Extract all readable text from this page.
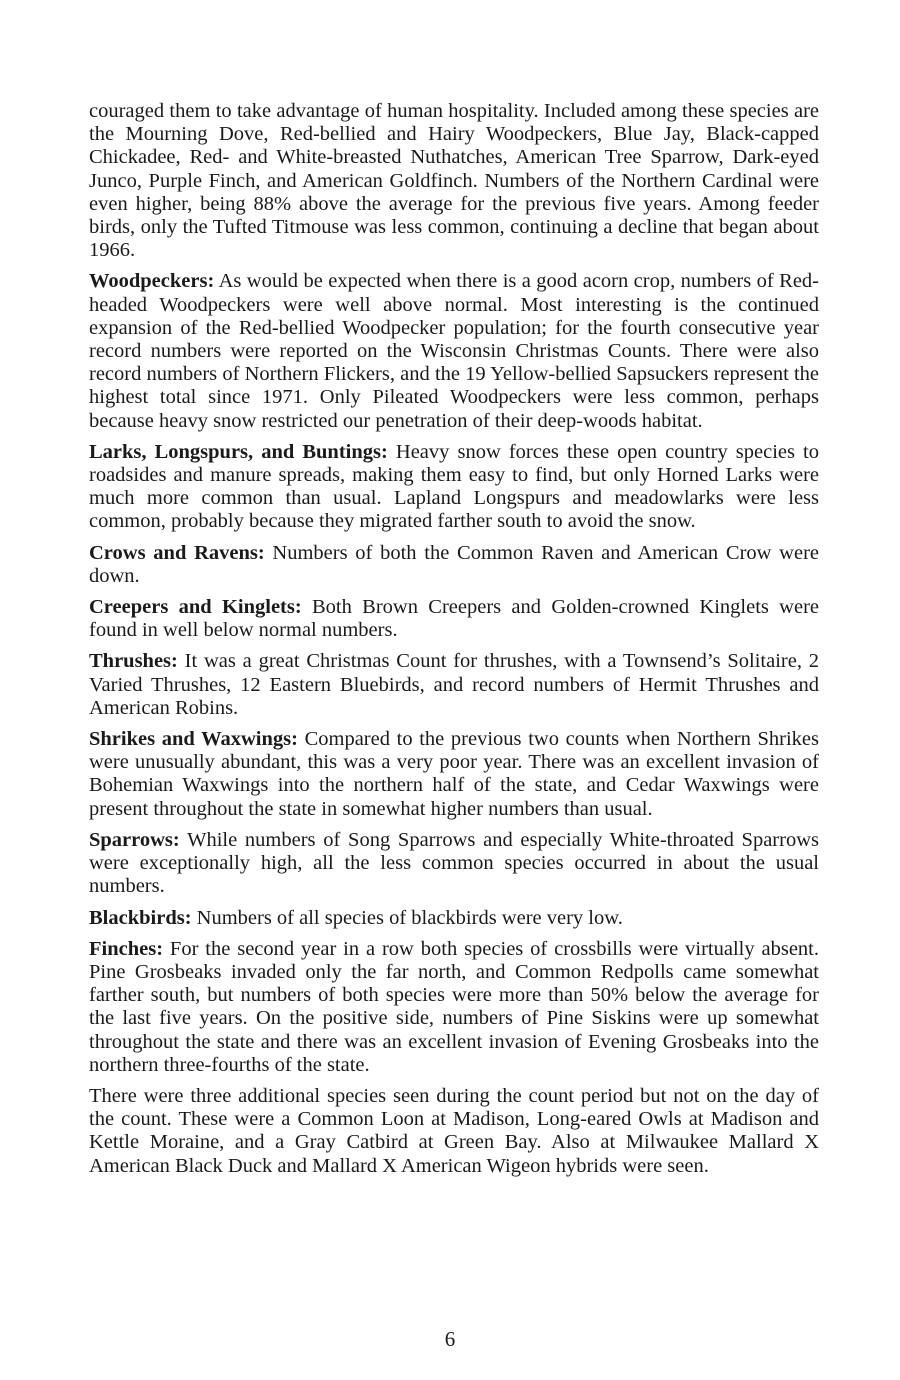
couraged them to take advantage of human hospitality. Included among these species are the Mourning Dove, Red-bellied and Hairy Woodpeckers, Blue Jay, Black-capped Chickadee, Red- and White-breasted Nuthatches, American Tree Sparrow, Dark-eyed Junco, Purple Finch, and American Goldfinch. Numbers of the Northern Cardinal were even higher, being 88% above the average for the previous five years. Among feeder birds, only the Tufted Titmouse was less common, continuing a decline that began about 1966.

Woodpeckers: As would be expected when there is a good acorn crop, numbers of Red-headed Woodpeckers were well above normal. Most interesting is the continued expansion of the Red-bellied Woodpecker population; for the fourth consecutive year record numbers were reported on the Wisconsin Christmas Counts. There were also record numbers of Northern Flickers, and the 19 Yellow-bellied Sapsuckers represent the highest total since 1971. Only Pileated Woodpeckers were less common, perhaps because heavy snow restricted our penetration of their deep-woods habitat.

Larks, Longspurs, and Buntings: Heavy snow forces these open country species to roadsides and manure spreads, making them easy to find, but only Horned Larks were much more common than usual. Lapland Longspurs and meadowlarks were less common, probably because they migrated farther south to avoid the snow.

Crows and Ravens: Numbers of both the Common Raven and American Crow were down.

Creepers and Kinglets: Both Brown Creepers and Golden-crowned Kinglets were found in well below normal numbers.

Thrushes: It was a great Christmas Count for thrushes, with a Townsend’s Solitaire, 2 Varied Thrushes, 12 Eastern Bluebirds, and record numbers of Hermit Thrushes and American Robins.

Shrikes and Waxwings: Compared to the previous two counts when Northern Shrikes were unusually abundant, this was a very poor year. There was an excellent invasion of Bohemian Waxwings into the northern half of the state, and Cedar Waxwings were present throughout the state in somewhat higher numbers than usual.

Sparrows: While numbers of Song Sparrows and especially White-throated Sparrows were exceptionally high, all the less common species occurred in about the usual numbers.

Blackbirds: Numbers of all species of blackbirds were very low.

Finches: For the second year in a row both species of crossbills were virtually absent. Pine Grosbeaks invaded only the far north, and Common Redpolls came somewhat farther south, but numbers of both species were more than 50% below the average for the last five years. On the positive side, numbers of Pine Siskins were up somewhat throughout the state and there was an excellent invasion of Evening Grosbeaks into the northern three-fourths of the state.

There were three additional species seen during the count period but not on the day of the count. These were a Common Loon at Madison, Long-eared Owls at Madison and Kettle Moraine, and a Gray Catbird at Green Bay. Also at Milwaukee Mallard X American Black Duck and Mallard X American Wigeon hybrids were seen.

6
